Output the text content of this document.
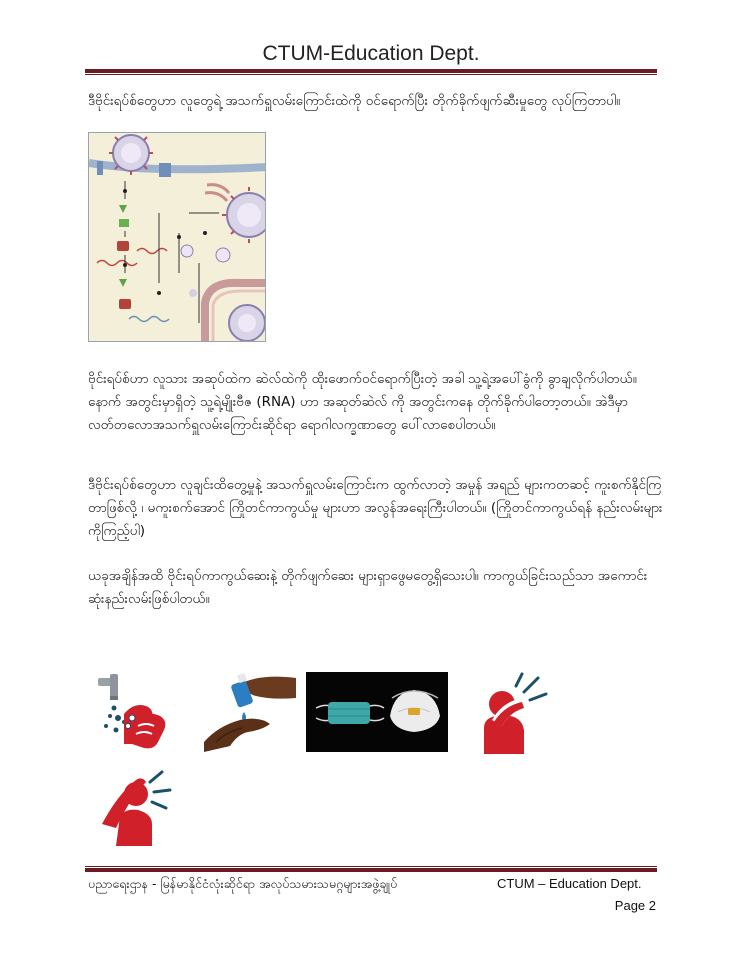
CTUM-Education Dept.

ဒီဗိုင်းရပ်စ်တွေဟာ လူတွေရဲ့ အသက်ရှူလမ်းကြောင်းထဲကို ဝင်ရောက်ပြီး တိုက်ခိုက်ဖျက်ဆီးမှုတွေ လုပ်ကြတာပါ။

ဗိုင်းရပ်စ်ဟာ လူသား အဆုပ်ထဲက ဆဲလ်ထဲကို ထိုးဖောက်ဝင်ရောက်ပြီးတဲ့ အခါ သူ့ရဲ့အပေါ်ခွံကို ခွာချလိုက်ပါတယ်။ နောက် အတွင်းမှာရှိတဲ့ သူ့ရဲ့မျိုးဗီဇ (RNA) ဟာ အဆုတ်ဆဲလ် ကို အတွင်းကနေ တိုက်ခိုက်ပါတော့တယ်။ အဲဒီမှာ လတ်တလောအသက်ရှူလမ်းကြောင်းဆိုင်ရာ ရောဂါလက္ခဏာတွေ ပေါ်လာစေပါတယ်။

ဒီဗိုင်းရပ်စ်တွေဟာ လူချင်းထိတွေ့မှုနဲ့ အသက်ရှူလမ်းကြောင်းက ထွက်လာတဲ့ အမှုန် အရည် များကတဆင့် ကူးစက်နိုင်ကြတာဖြစ်လို့ ၊ မကူးစက်အောင် ကြိုတင်ကာကွယ်မှု များဟာ အလွန်အရေးကြီးပါတယ်။ (ကြိုတင်ကာကွယ်ရန် နည်းလမ်းများ ကိုကြည့်ပါ)

ယခုအချိန်အထိ ဗိုင်းရပ်ကာကွယ်ဆေးနဲ့ တိုက်ဖျက်ဆေး များရှာဖွေမတွေ့ရှိသေးပါ။ ကာကွယ်ခြင်းသည်သာ အကောင်းဆုံးနည်းလမ်းဖြစ်ပါတယ်။

ပညာရေးဌာန - မြန်မာနိုင်ငံလုံးဆိုင်ရာ အလုပ်သမားသမဂ္ဂများအဖွဲ့ချုပ်	CTUM – Education Dept.
Page 2
